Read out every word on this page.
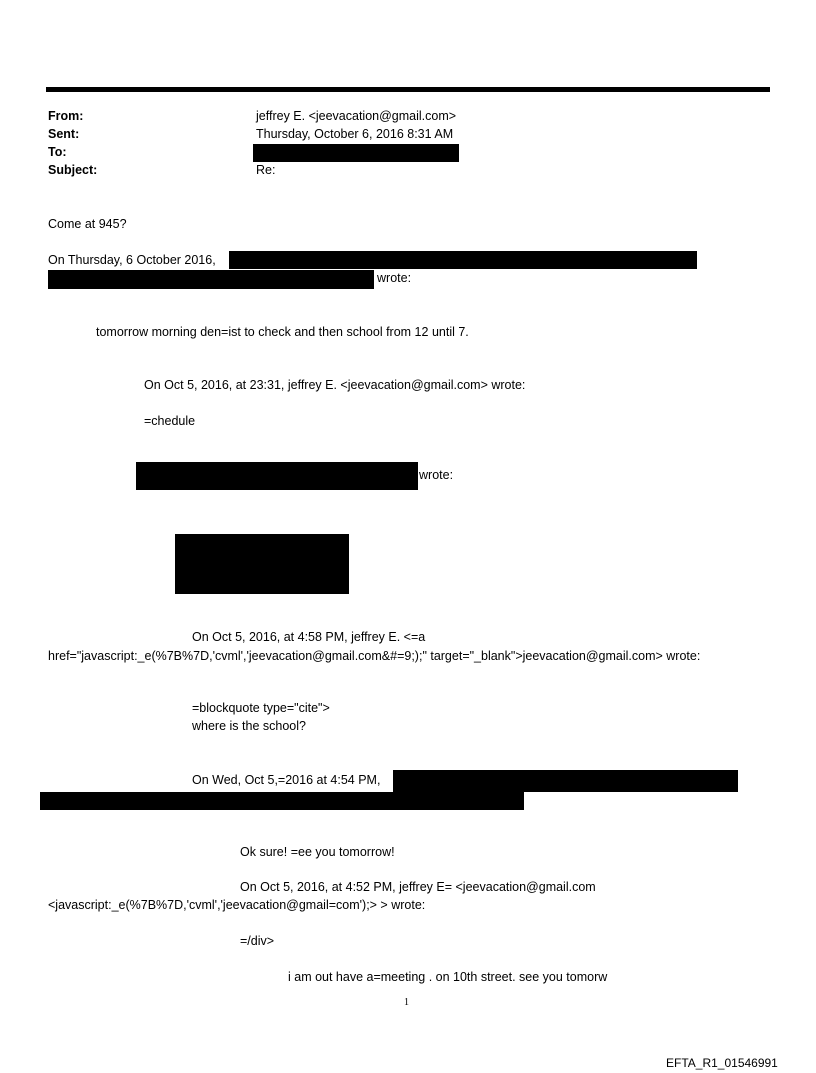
From:	jeffrey E. <jeevacation@gmail.com>
Sent:	Thursday, October 6, 2016 8:31 AM
To:
Subject:	Re:
Come at 945?
On Thursday, 6 October 2016,
wrote:
tomorrow morning den=ist to check and then school from 12 until 7.
On Oct 5, 2016, at 23:31, jeffrey E. <jeevacation@gmail.com> wrote:
=chedule
wrote:
On Oct 5, 2016, at 4:58 PM, jeffrey E. <=a
href="javascript:_e(%7B%7D,'cvml','jeevacation@gmail.com&#=9;);" target="_blank">jeevacation@gmail.com> wrote:
=blockquote type="cite">
where is the school?
On Wed, Oct 5,=2016 at 4:54 PM,
Ok sure! =ee you tomorrow!
On Oct 5, 2016, at 4:52 PM, jeffrey E= <jeevacation@gmail.com
<javascript:_e(%7B%7D,'cvml','jeevacation@gmail=com');> > wrote:
=/div>
i am out have a=meeting . on 10th street. see you tomorw
1
EFTA_R1_01546991
